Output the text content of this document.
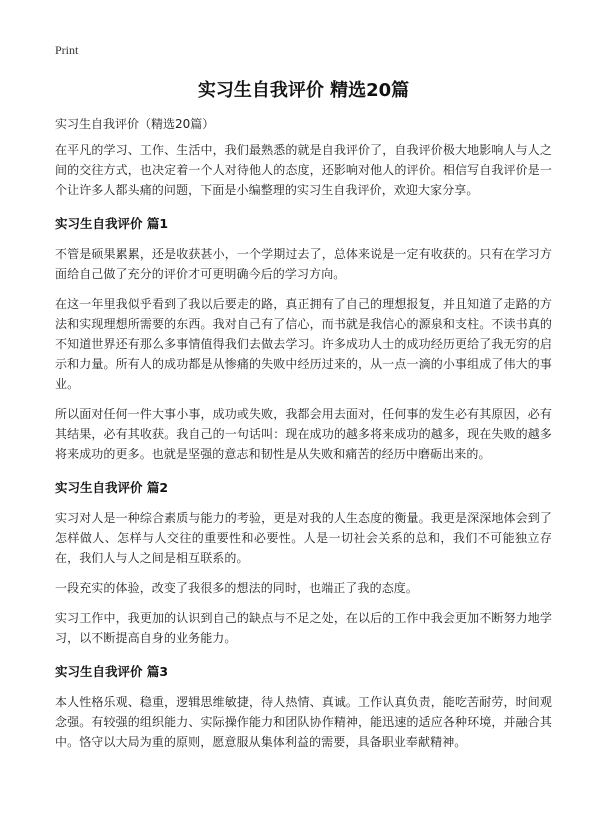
Print

实习生自我评价 精选20篇

实习生自我评价（精选20篇）

在平凡的学习、工作、生活中，我们最熟悉的就是自我评价了，自我评价极大地影响人与人之间的交往方式，也决定着一个人对待他人的态度，还影响对他人的评价。相信写自我评价是一个让许多人都头痛的问题，下面是小编整理的实习生自我评价，欢迎大家分享。

实习生自我评价 篇1

不管是硕果累累，还是收获甚小，一个学期过去了，总体来说是一定有收获的。只有在学习方面给自己做了充分的评价才可更明确今后的学习方向。

在这一年里我似乎看到了我以后要走的路，真正拥有了自己的理想报复，并且知道了走路的方法和实现理想所需要的东西。我对自己有了信心，而书就是我信心的源泉和支柱。不读书真的不知道世界还有那么多事情值得我们去做去学习。许多成功人士的成功经历更给了我无穷的启示和力量。所有人的成功都是从惨痛的失败中经历过来的，从一点一滴的小事组成了伟大的事业。

所以面对任何一件大事小事，成功或失败，我都会用去面对，任何事的发生必有其原因，必有其结果，必有其收获。我自己的一句话叫：现在成功的越多将来成功的越多，现在失败的越多将来成功的更多。也就是坚强的意志和韧性是从失败和痛苦的经历中磨砺出来的。

实习生自我评价 篇2

实习对人是一种综合素质与能力的考验，更是对我的人生态度的衡量。我更是深深地体会到了怎样做人、怎样与人交往的重要性和必要性。人是一切社会关系的总和，我们不可能独立存在，我们人与人之间是相互联系的。

一段充实的体验，改变了我很多的想法的同时，也端正了我的态度。

实习工作中，我更加的认识到自己的缺点与不足之处，在以后的工作中我会更加不断努力地学习，以不断提高自身的业务能力。

实习生自我评价 篇3

本人性格乐观、稳重，逻辑思维敏捷，待人热情、真诚。工作认真负责，能吃苦耐劳，时间观念强。有较强的组织能力、实际操作能力和团队协作精神，能迅速的适应各种环境，并融合其中。恪守以大局为重的原则，愿意服从集体利益的需要，具备职业奉献精神。
